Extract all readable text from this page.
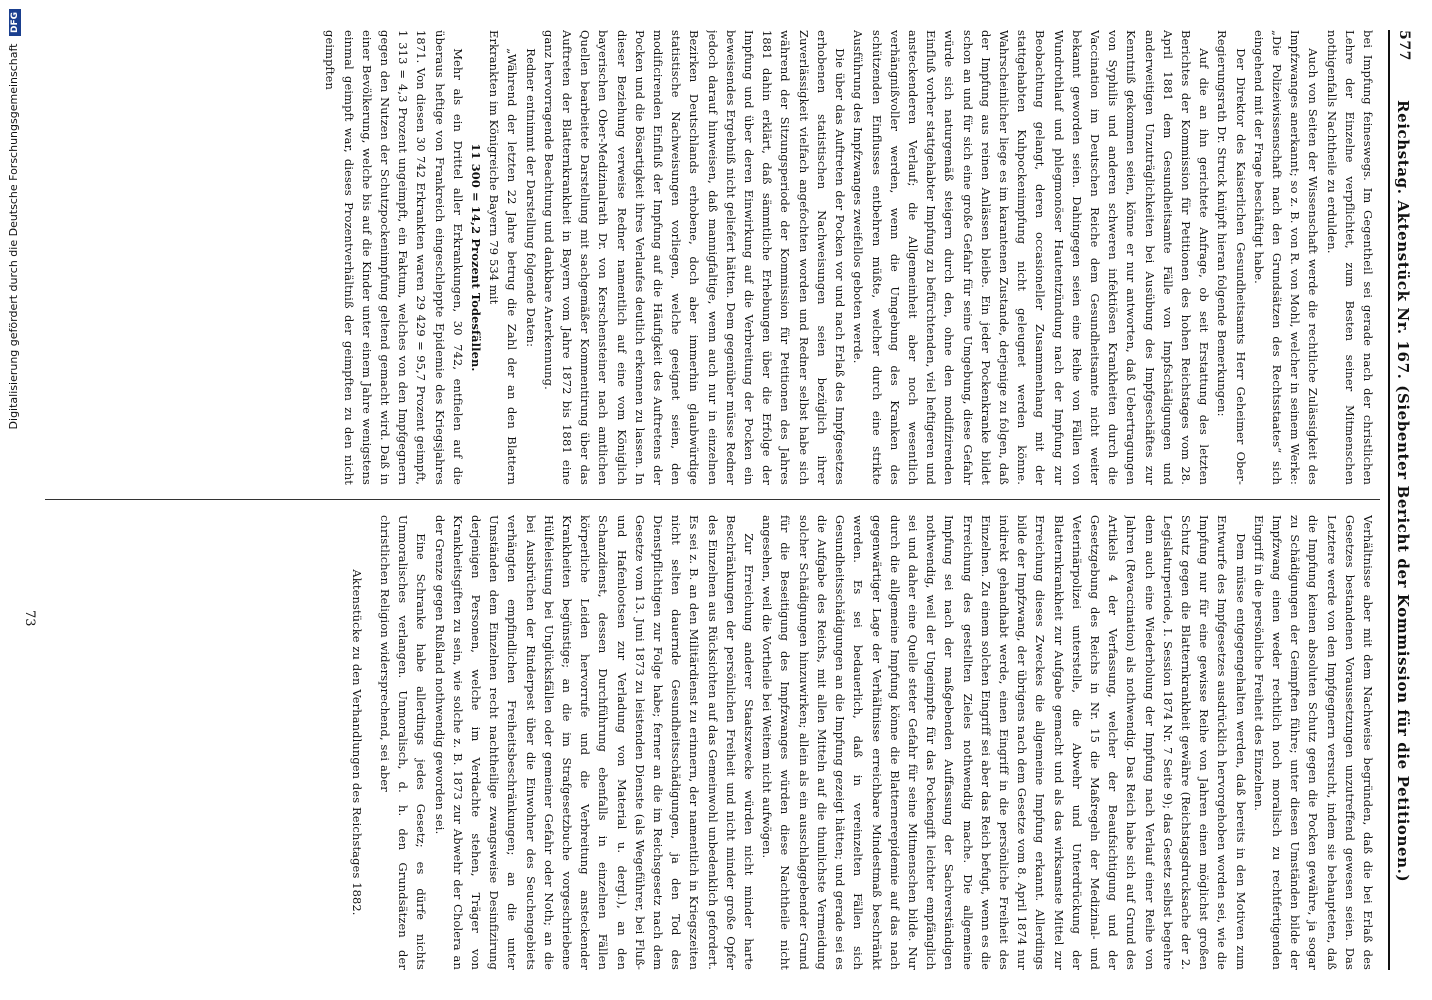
577
Reichstag. Aktenstück Nr. 167. (Siebenter Bericht der Kommission für die Petitionen.)

bei Impfung feineswegs. Im Gegentheil sei gerade nach der christlichen Lehre der Einzelne verpflichtet, zum Besten seiner Mitmenschen nothigenfalls Nachtheile zu erdulden.

Auch von Seiten der Wissenschaft werde die rechtliche Zulässigkeit des Impfzwanges anerkannt; so z. B. von R. von Mohl, welcher in seinem Werke: „Die Polizeiwissenschaft nach den Grundsätzen des Rechtsstaates“ sich eingehend mit der Frage beschäftigt habe.

Der Direktor des Kaiserlichen Gesundheitsamts Herr Geheimer Ober-Regierungsrath Dr. Struck knüpft hieran folgende Bemerkungen:

Auf die an ihn gerichtete Anfrage, ob seit Erstattung des letzten Berichtes der Kommission für Petitionen des hohen Reichstages vom 28. April 1881 dem Gesundheitsamte Fälle von Impfschädigungen und anderweitigen Unzuträglichkeiten bei Ausübung des Impfgeschäftes zur Kenntniß gekommen seien, könne er nur antworten, daß Uebertragungen von Syphilis und anderen schweren infektiösen Krankheiten durch die Vaccination im Deutschen Reiche dem Gesundheitsamte nicht weiter bekannt geworden seien. Dahingegen seien eine Reihe von Fällen von Wundrothlauf und phlegmonöser Hautentzündung nach der Impfung zur Beobachtung gelangt, deren occasioneller Zusammenhang mit der stattgehabten Kuhpockenimpfung nicht geleugnet werden könne. Wahrscheinlicher liege es im karantenen Zustande, derjenige zu folgen, daß der Impfung aus reinen Anlässen bleibe. Ein jeder Pockenkranke bildet schon an und für sich eine große Gefahr für seine Umgebung, diese Gefahr würde sich naturgemäß steigern durch den, ohne den modifizirenden Einfluß vorher stattgehabter Impfung zu befürchtenden, viel heftigeren und ansteckenderen Verlauf; die Allgemeinheit aber noch wesentlich verhängnißvoller werden, wenn die Umgebung des Kranken des schützenden Einflusses entbehren müßte, welcher durch eine strikte Ausführung des Impfzwanges zweifellos geboten werde.

Die über das Auftreten der Pocken vor und nach Erlaß des Impfgesetzes erhobenen statistischen Nachweisungen seien bezüglich ihrer Zuverlässigkeit vielfach angefochten worden und Redner selbst habe sich während der Sitzungsperiode der Kommission für Petitionen des Jahres 1881 dahin erklärt, daß sämmtliche Erhebungen über die Erfolge der Impfung und über deren Einwirkung auf die Verbreitung der Pocken ein beweisendes Ergebniß nicht geliefert hätten. Dem gegenüber müsse Redner jedoch darauf hinweisen, daß mannigfaltige, wenn auch nur in einzelnen Bezirken Deutschlands erhobene, doch aber immerhin glaubwürdige statistische Nachweisungen vorliegen, welche geeignet seien, den modificirenden Einfluß der Impfung auf die Häufigkeit des Auftretens der Pocken und die Bösartigkeit ihres Verlaufes deutlich erkennen zu lassen. In dieser Beziehung verweise Redner namentlich auf eine vom Königlich bayerischen Ober-Medizinalrath Dr. von Kerschensteiner nach amtlichen Quellen bearbeitete Darstellung mit sachgemäßer Kommentirung über das Auftreten der Blatternkrankheit in Bayern vom Jahre 1872 bis 1881 eine ganz hervorragende Beachtung und dankbare Anerkennung.

Redner entnimmt der Darstellung folgende Daten:

„Während der letzten 22 Jahre betrug die Zahl der an den Blattern Erkrankten im Königreiche Bayern 79 534 mit

11 300 = 14,2 Prozent Todesfällen.

Mehr als ein Drittel aller Erkrankungen, 30 742, entfielen auf die überaus heftige von Frankreich eingeschleppte Epidemie des Kriegsjahres 1871. Von diesen 30 742 Erkrankten waren 29 429 = 95,7 Prozent geimpft, 1 313 = 4,3 Prozent ungeimpft, ein Faktum, welches von den Impfgegnern gegen den Nutzen der Schutzpockenimpfung geltend gemacht wird. Daß in einer Bevölkerung, welche bis auf die Kinder unter einem Jahre wenigstens einmal geimpft war, dieses Prozentverhältniß der geimpften zu den nicht geimpften

Verhältnisse aber mit dem Nachweise begründen, daß die bei Erlaß des Gesetzes bestandenen Voraussetzungen unzutreffend gewesen seien. Das Letztere werde von den Impfgegnern versucht, indem sie behaupteten, daß die Impfung keinen absoluten Schutz gegen die Pocken gewähre, ja sogar zu Schädigungen der Geimpften führe; unter diesen Umständen bilde der Impfzwang einen weder rechtlich noch moralisch zu rechtfertigenden Eingriff in die persönliche Freiheit des Einzelnen.

Dem müsse entgegengehalten werden, daß bereits in den Motiven zum Entwurfe des Impfgesetzes ausdrücklich hervorgehoben worden sei, wie die Impfung nur für eine gewisse Reihe von Jahren einen möglichst großen Schutz gegen die Blatternkrankheit gewähre (Reichstagsdrucksache der 2. Legislaturperiode, I. Session 1874 Nr. 7 Seite 9); das Gesetz selbst begehre denn auch eine Wiederholung der Impfung nach Verlauf einer Reihe von Jahren (Revaccination) als nothwendig. Das Reich habe sich auf Grund des Artikels 4 der Verfassung, welcher der Beaufsichtigung und der Gesetzgebung des Reichs in Nr. 15 die Maßregeln der Medizinal- und Veterinärpolizei unterstelle, die Abwehr und Unterdrückung der Blatternkrankheit zur Aufgabe gemacht und als das wirksamste Mittel zur Erreichung dieses Zweckes die allgemeine Impfung erkannt. Allerdings bilde der Impfzwang, der übrigens nach dem Gesetze vom 8. April 1874 nur indirekt gehandhabt werde, einen Eingriff in die persönliche Freiheit des Einzelnen. Zu einem solchen Eingriff sei aber das Reich befugt, wenn es die Erreichung des gestellten Zieles nothwendig mache. Die allgemeine Impfung sei nach der maßgebenden Auffassung der Sachverständigen nothwendig, weil der Ungeimpfte für das Pockengift leichter empfänglich sei und daher eine Quelle steter Gefahr für seine Mitmenschen bilde. Nur durch die allgemeine Impfung könne die Blatternerepidemie auf das nach gegenwärtiger Lage der Verhältnisse erreichbare Mindestmaß beschränkt werden. Es sei bedauerlich, daß in vereinzelten Fällen sich Gesundheitsschädigungen an die Impfung gezeigt hätten; und gerade sei es die Aufgabe des Reichs, mit allen Mitteln auf die thunlichste Vermeidung solcher Schädigungen hinzuwirken; allein als ein ausschlaggebender Grund für die Beseitigung des Impfzwanges würden diese Nachtheile nicht angesehen, weil die Vortheile bei Weitem nicht aufwögen.

Zur Erreichung anderer Staatszwecke würden nicht minder harte Beschränkungen der persönlichen Freiheit und nicht minder große Opfer des Einzelnen aus Rücksichten auf das Gemeinwohl unbedenklich gefordert. Es sei z. B. an den Militärdienst zu erinnern, der namentlich in Kriegszeiten nicht selten dauernde Gesundheitsschädigungen, ja den Tod des Dienstpflichtigen zur Folge habe; ferner an die im Reichsgesetz nach dem Gesetze vom 13. Juni 1873 zu leistenden Dienste (als Wegeführer, bei Fluß- und Hafenlootsen zur Verladung von Material u. dergl.), an den Schanzdienst, dessen Durchführung ebenfalls in einzelnen Fällen körperliche Leiden hervorrufe und die Verbreitung ansteckender Krankheiten begünstige; an die im Strafgesetzbuche vorgeschriebene Hülfeleistung bei Unglücksfällen oder gemeiner Gefahr oder Noth; an die bei Ausbrüchen der Rinderpest über die Einwohner des Seuchengebiets verhängten empfindlichen Freiheitsbeschränkungen; an die unter Umständen dem Einzelnen recht nachtheilige zwangsweise Desinfizirung derjenigen Personen, welche im Verdachte stehen, Träger von Krankheitsgiften zu sein, wie solche z. B. 1873 zur Abwehr der Cholera an der Grenze gegen Rußland nothwendig geworden sei.

Eine Schranke habe allerdings jedes Gesetz; es dürfe nichts Unmoralisches verlangen. Unmoralisch, d. h. den Grundsätzen der christlichen Religion widersprechend, sei aber

Aktenstücke zu den Verhandlungen des Reichstages 1882.

73
Digitalisierung gefördert durch die Deutsche Forschungsgemeinschaft DFG
